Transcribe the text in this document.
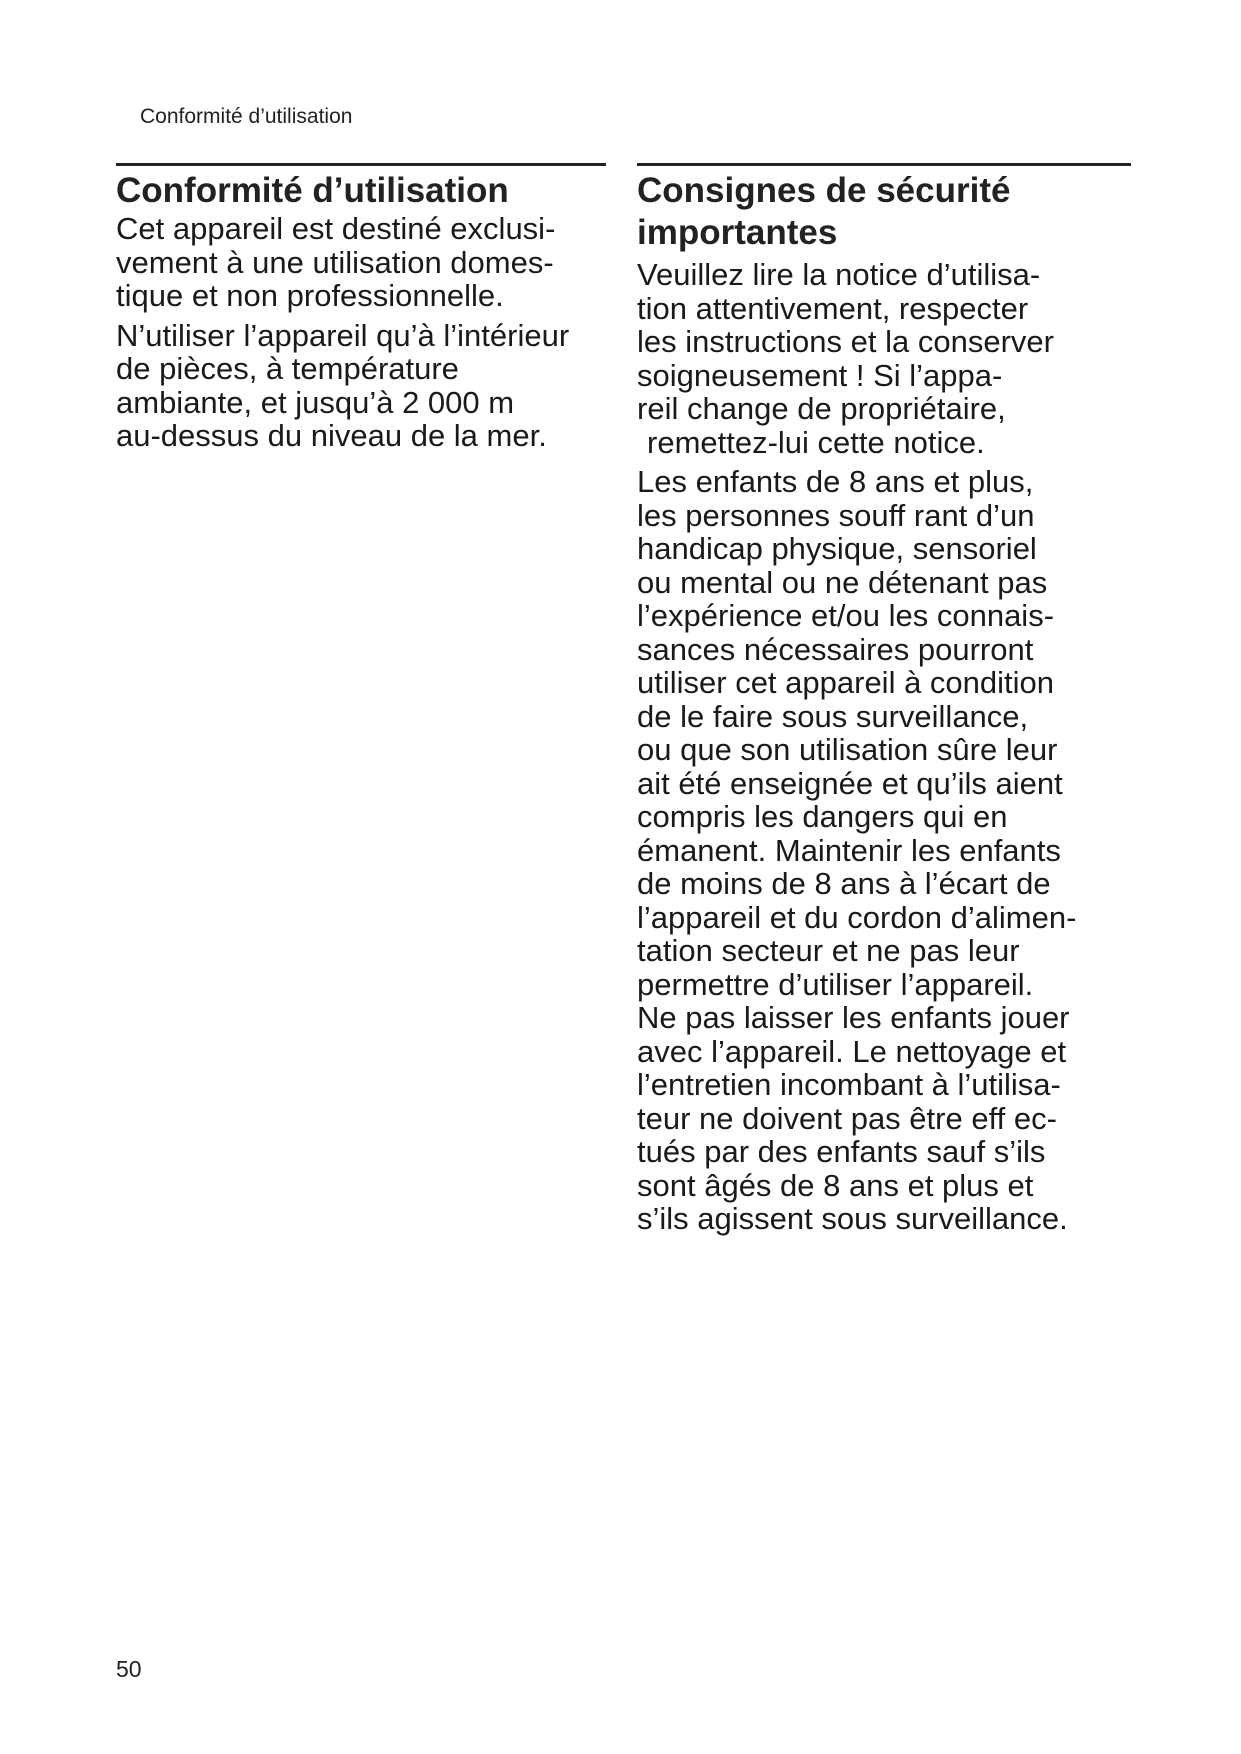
Conformité d’utilisation
Conformité d’utilisation

Cet appareil est destiné exclusi-
vement à une utilisation domes-
tique et non professionnelle.

N’utiliser l’appareil qu’à l’intérieur
de pièces, à température
ambiante, et jusqu’à 2 000 m
au-dessus du niveau de la mer.

Consignes de sécurité
importantes

Veuillez lire la notice d’utilisa-
tion attentivement, respecter
les instructions et la conserver
soigneusement ! Si l’appa-
reil change de propriétaire,
remettez-lui cette notice.

Les enfants de 8 ans et plus,
les personnes souff rant d’un
handicap physique, sensoriel
ou mental ou ne détenant pas
l’expérience et/ou les connais-
sances nécessaires pourront
utiliser cet appareil à condition
de le faire sous surveillance,
ou que son utilisation sûre leur
ait été enseignée et qu’ils aient
compris les dangers qui en
émanent. Maintenir les enfants
de moins de 8 ans à l’écart de
l’appareil et du cordon d’alimen-
tation secteur et ne pas leur
permettre d’utiliser l’appareil.
Ne pas laisser les enfants jouer
avec l’appareil. Le nettoyage et
l’entretien incombant à l’utilisa-
teur ne doivent pas être eff ec-
tués par des enfants sauf s’ils
sont âgés de 8 ans et plus et
s’ils agissent sous surveillance.

50
